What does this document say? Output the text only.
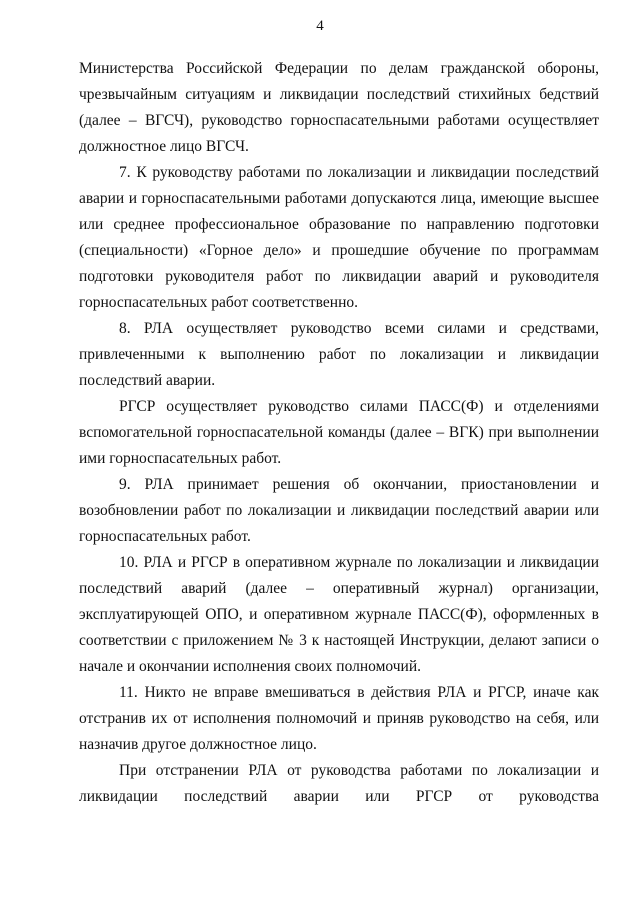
4

Министерства Российской Федерации по делам гражданской обороны, чрезвычайным ситуациям и ликвидации последствий стихийных бедствий (далее – ВГСЧ), руководство горноспасательными работами осуществляет должностное лицо ВГСЧ.

7. К руководству работами по локализации и ликвидации последствий аварии и горноспасательными работами допускаются лица, имеющие высшее или среднее профессиональное образование по направлению подготовки (специальности) «Горное дело» и прошедшие обучение по программам подготовки руководителя работ по ликвидации аварий и руководителя горноспасательных работ соответственно.

8. РЛА осуществляет руководство всеми силами и средствами, привлеченными к выполнению работ по локализации и ликвидации последствий аварии.

РГСР осуществляет руководство силами ПАСС(Ф) и отделениями вспомогательной горноспасательной команды (далее – ВГК) при выполнении ими горноспасательных работ.

9. РЛА принимает решения об окончании, приостановлении и возобновлении работ по локализации и ликвидации последствий аварии или горноспасательных работ.

10. РЛА и РГСР в оперативном журнале по локализации и ликвидации последствий аварий (далее – оперативный журнал) организации, эксплуатирующей ОПО, и оперативном журнале ПАСС(Ф), оформленных в соответствии с приложением № 3 к настоящей Инструкции, делают записи о начале и окончании исполнения своих полномочий.

11. Никто не вправе вмешиваться в действия РЛА и РГСР, иначе как отстранив их от исполнения полномочий и приняв руководство на себя, или назначив другое должностное лицо.

При отстранении РЛА от руководства работами по локализации и ликвидации последствий аварии или РГСР от руководства
